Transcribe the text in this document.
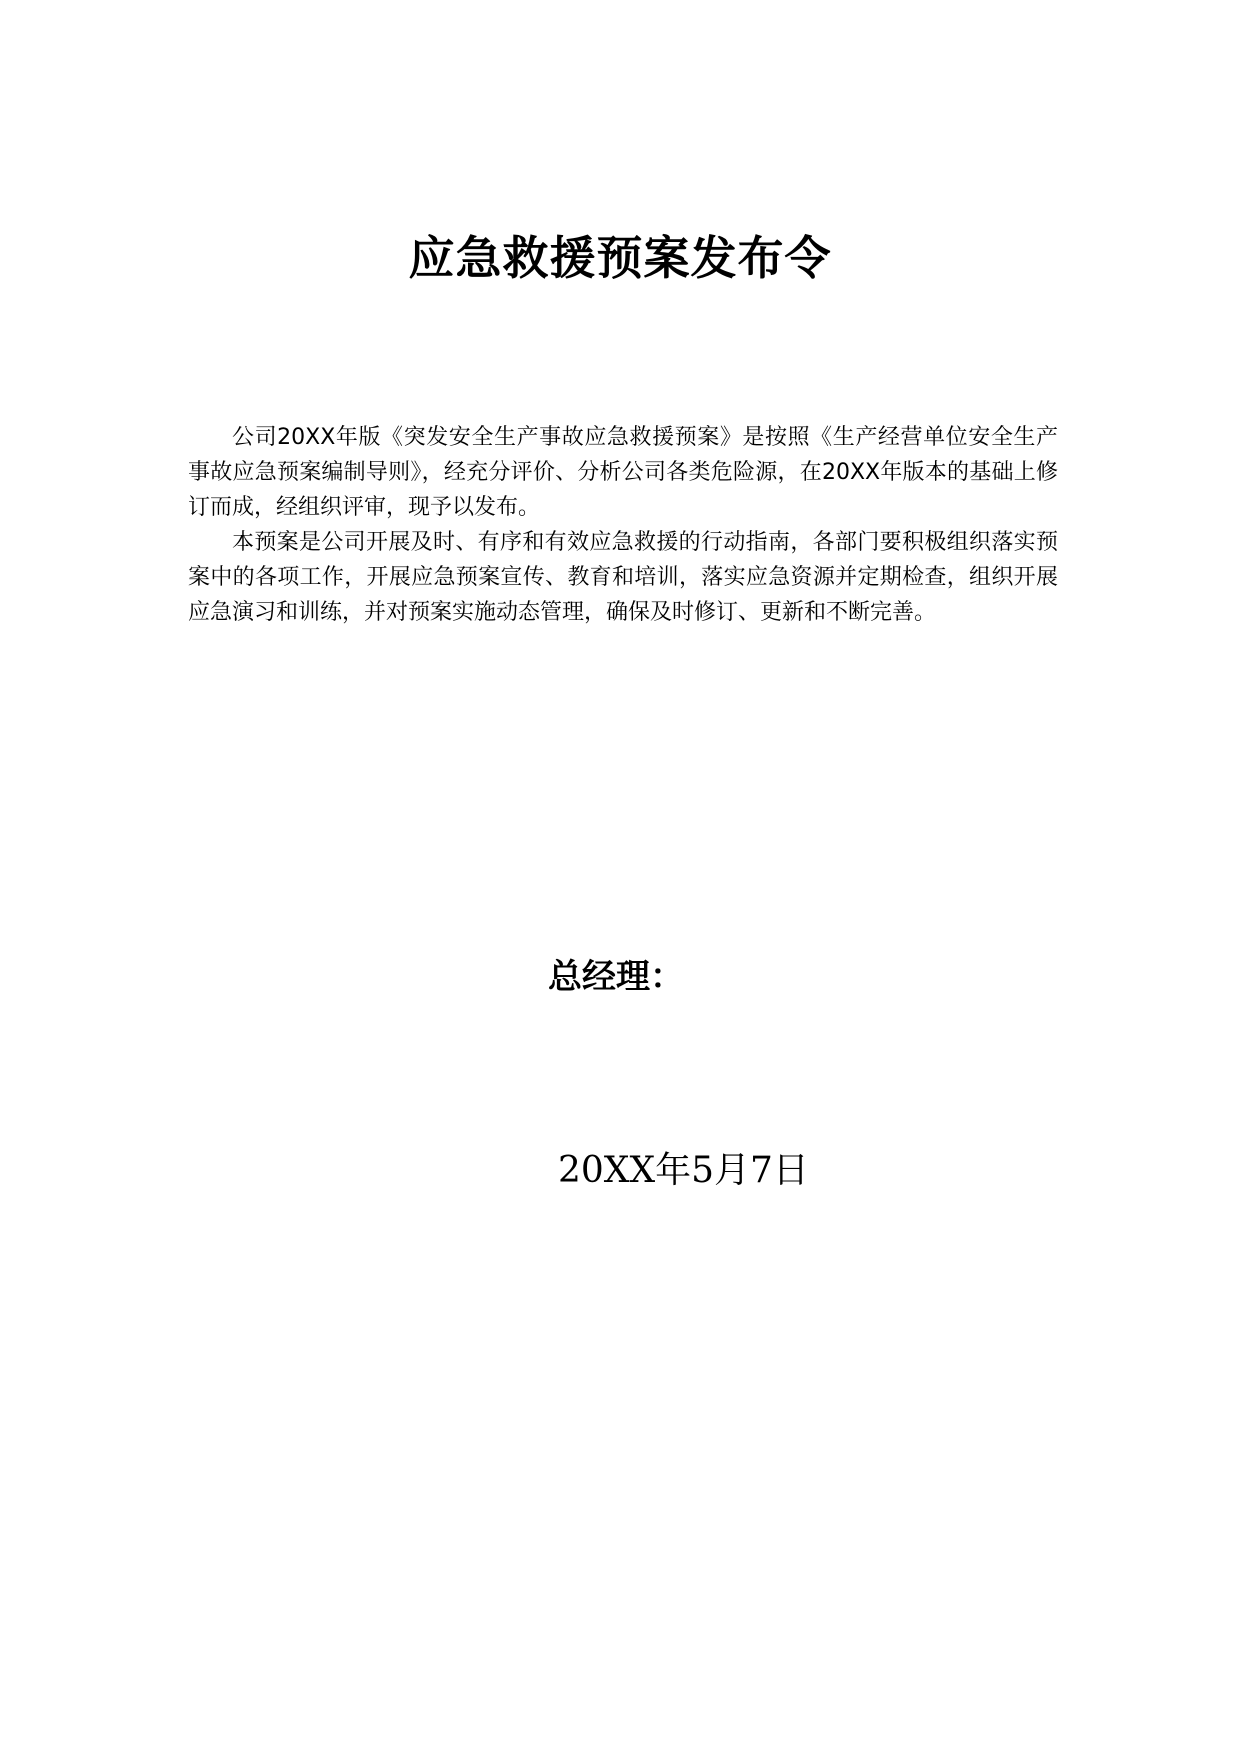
应急救援预案发布令

公司20XX年版《突发安全生产事故应急救援预案》是按照《生产经营单位安全生产事故应急预案编制导则》，经充分评价、分析公司各类危险源，在20XX年版本的基础上修订而成，经组织评审，现予以发布。

本预案是公司开展及时、有序和有效应急救援的行动指南，各部门要积极组织落实预案中的各项工作，开展应急预案宣传、教育和培训，落实应急资源并定期检查，组织开展应急演习和训练，并对预案实施动态管理，确保及时修订、更新和不断完善。

总经理：
20XX年5月7日
